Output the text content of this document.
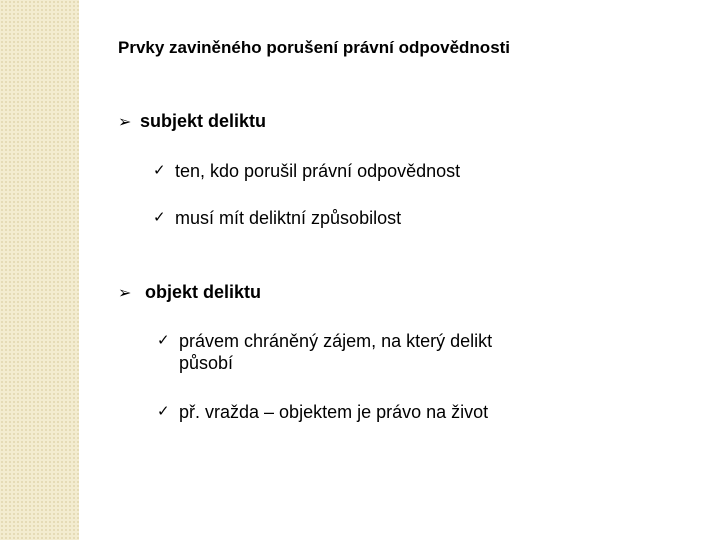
Prvky zaviněného porušení právní odpovědnosti
➢ subjekt deliktu
✓ ten, kdo porušil právní odpovědnost
✓ musí mít deliktní způsobilost
➢ objekt deliktu
✓ právem chráněný zájem, na který delikt
působí
✓ př. vražda – objektem je právo na život
